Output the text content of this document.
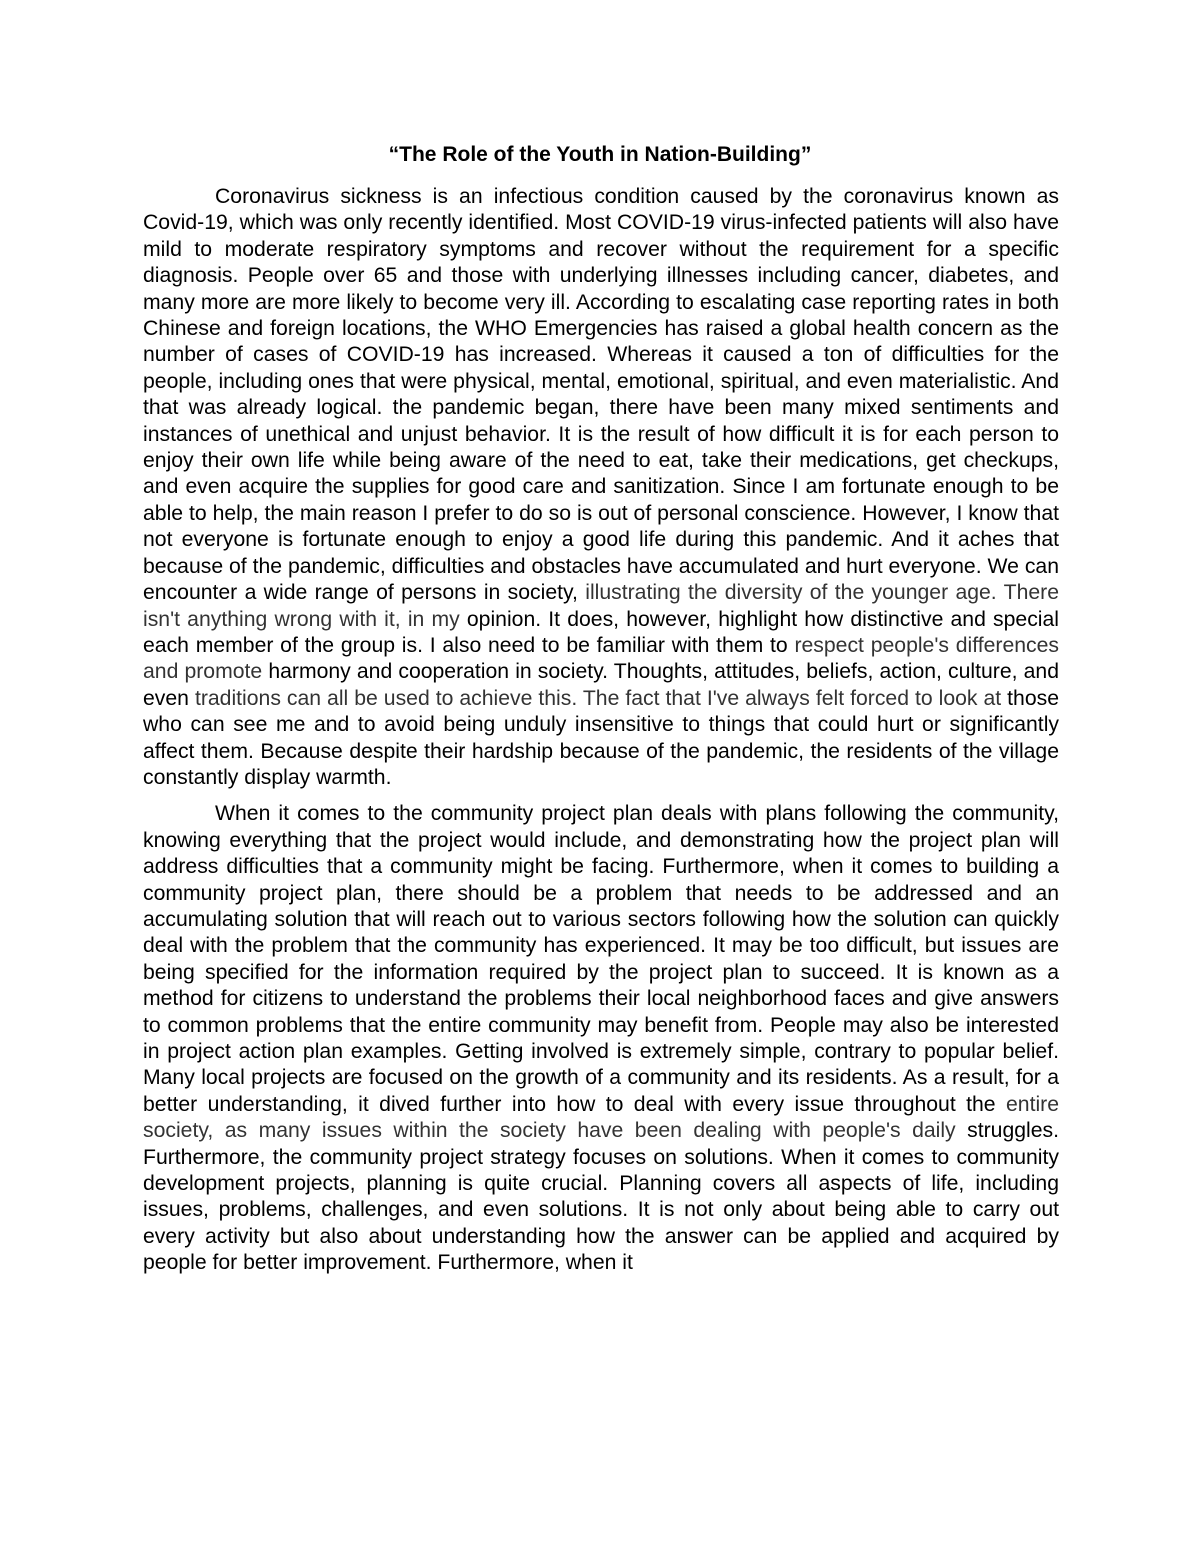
“The Role of the Youth in Nation-Building”

Coronavirus sickness is an infectious condition caused by the coronavirus known as Covid-19, which was only recently identified. Most COVID-19 virus-infected patients will also have mild to moderate respiratory symptoms and recover without the requirement for a specific diagnosis. People over 65 and those with underlying illnesses including cancer, diabetes, and many more are more likely to become very ill. According to escalating case reporting rates in both Chinese and foreign locations, the WHO Emergencies has raised a global health concern as the number of cases of COVID-19 has increased. Whereas it caused a ton of difficulties for the people, including ones that were physical, mental, emotional, spiritual, and even materialistic. And that was already logical. the pandemic began, there have been many mixed sentiments and instances of unethical and unjust behavior. It is the result of how difficult it is for each person to enjoy their own life while being aware of the need to eat, take their medications, get checkups, and even acquire the supplies for good care and sanitization. Since I am fortunate enough to be able to help, the main reason I prefer to do so is out of personal conscience. However, I know that not everyone is fortunate enough to enjoy a good life during this pandemic. And it aches that because of the pandemic, difficulties and obstacles have accumulated and hurt everyone. We can encounter a wide range of persons in society, illustrating the diversity of the younger age. There isn't anything wrong with it, in my opinion. It does, however, highlight how distinctive and special each member of the group is. I also need to be familiar with them to respect people's differences and promote harmony and cooperation in society. Thoughts, attitudes, beliefs, action, culture, and even traditions can all be used to achieve this. The fact that I've always felt forced to look at those who can see me and to avoid being unduly insensitive to things that could hurt or significantly affect them. Because despite their hardship because of the pandemic, the residents of the village constantly display warmth.

When it comes to the community project plan deals with plans following the community, knowing everything that the project would include, and demonstrating how the project plan will address difficulties that a community might be facing. Furthermore, when it comes to building a community project plan, there should be a problem that needs to be addressed and an accumulating solution that will reach out to various sectors following how the solution can quickly deal with the problem that the community has experienced. It may be too difficult, but issues are being specified for the information required by the project plan to succeed. It is known as a method for citizens to understand the problems their local neighborhood faces and give answers to common problems that the entire community may benefit from. People may also be interested in project action plan examples. Getting involved is extremely simple, contrary to popular belief. Many local projects are focused on the growth of a community and its residents. As a result, for a better understanding, it dived further into how to deal with every issue throughout the entire society, as many issues within the society have been dealing with people's daily struggles. Furthermore, the community project strategy focuses on solutions. When it comes to community development projects, planning is quite crucial. Planning covers all aspects of life, including issues, problems, challenges, and even solutions. It is not only about being able to carry out every activity but also about understanding how the answer can be applied and acquired by people for better improvement. Furthermore, when it
